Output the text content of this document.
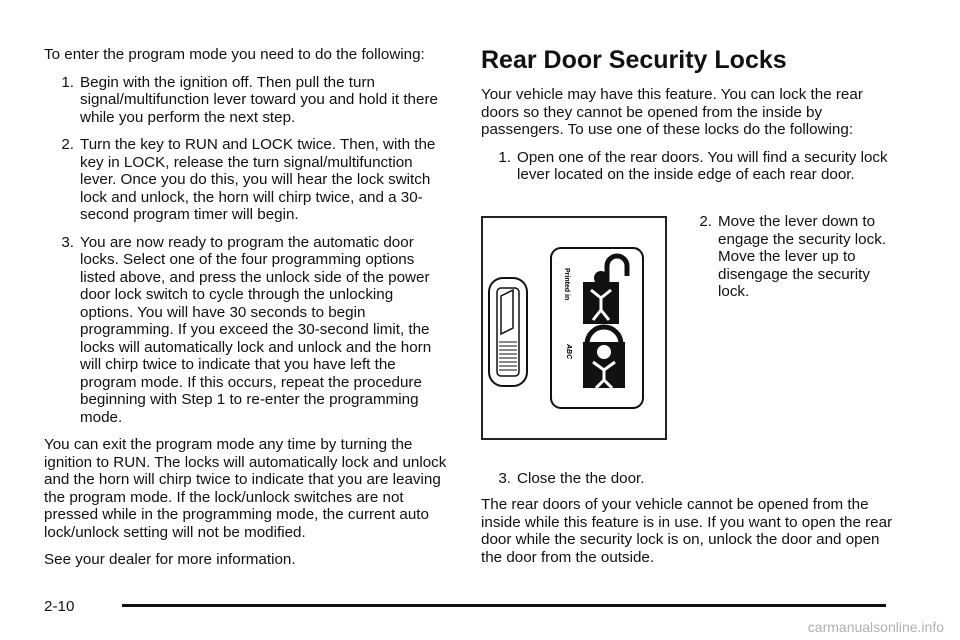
To enter the program mode you need to do the following:

1. Begin with the ignition off. Then pull the turn signal/multifunction lever toward you and hold it there while you perform the next step.
2. Turn the key to RUN and LOCK twice. Then, with the key in LOCK, release the turn signal/multifunction lever. Once you do this, you will hear the lock switch lock and unlock, the horn will chirp twice, and a 30-second program timer will begin.
3. You are now ready to program the automatic door locks. Select one of the four programming options listed above, and press the unlock side of the power door lock switch to cycle through the unlocking options. You will have 30 seconds to begin programming. If you exceed the 30-second limit, the locks will automatically lock and unlock and the horn will chirp twice to indicate that you have left the program mode. If this occurs, repeat the procedure beginning with Step 1 to re-enter the programming mode.

You can exit the program mode any time by turning the ignition to RUN. The locks will automatically lock and unlock and the horn will chirp twice to indicate that you are leaving the program mode. If the lock/unlock switches are not pressed while in the programming mode, the current auto lock/unlock setting will not be modified.

See your dealer for more information.

Rear Door Security Locks

Your vehicle may have this feature. You can lock the rear doors so they cannot be opened from the inside by passengers. To use one of these locks do the following:

1. Open one of the rear doors. You will find a security lock lever located on the inside edge of each rear door.
Printed in
ABC
2. Move the lever down to engage the security lock. Move the lever up to disengage the security lock.
3. Close the the door.

The rear doors of your vehicle cannot be opened from the inside while this feature is in use. If you want to open the rear door while the security lock is on, unlock the door and open the door from the outside.

2-10
carmanualsonline.info
